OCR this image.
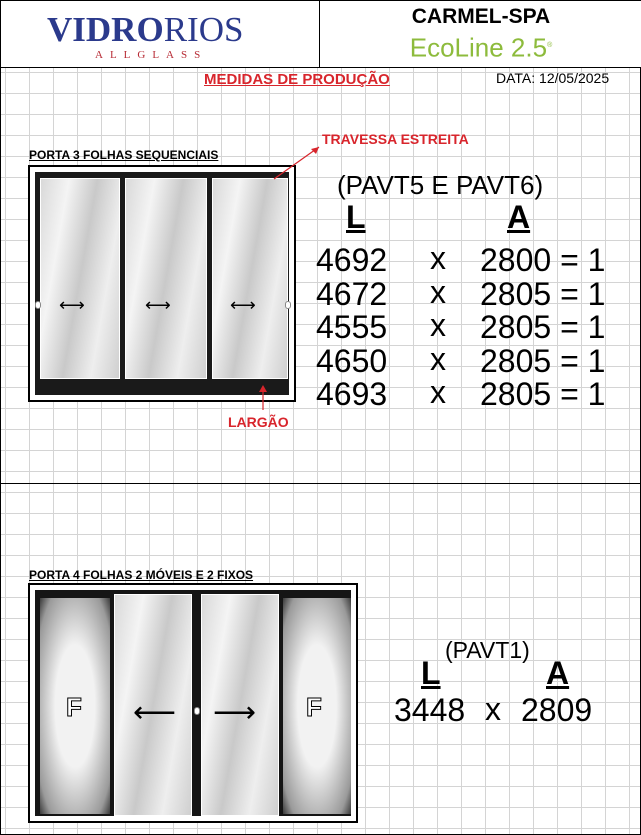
VIDRORIOS
ALLGLASS
CARMEL-SPA
EcoLine 2.5®
MEDIDAS DE PRODUÇÃO	DATA: 12/05/2025
PORTA 3 FOLHAS SEQUENCIAIS
⟷	⟷	⟷
TRAVESSA ESTREITA
LARGÃO
(PAVT5 E PAVT6)
L	A
4692 x 2800 = 1
4672 x 2805 = 1
4555 x 2805 = 1
4650 x 2805 = 1
4693 x 2805 = 1
PORTA 4 FOLHAS 2 MÓVEIS E 2 FIXOS
F	F
⟵ ⟶
(PAVT1)
L	A
3448 x 2809
